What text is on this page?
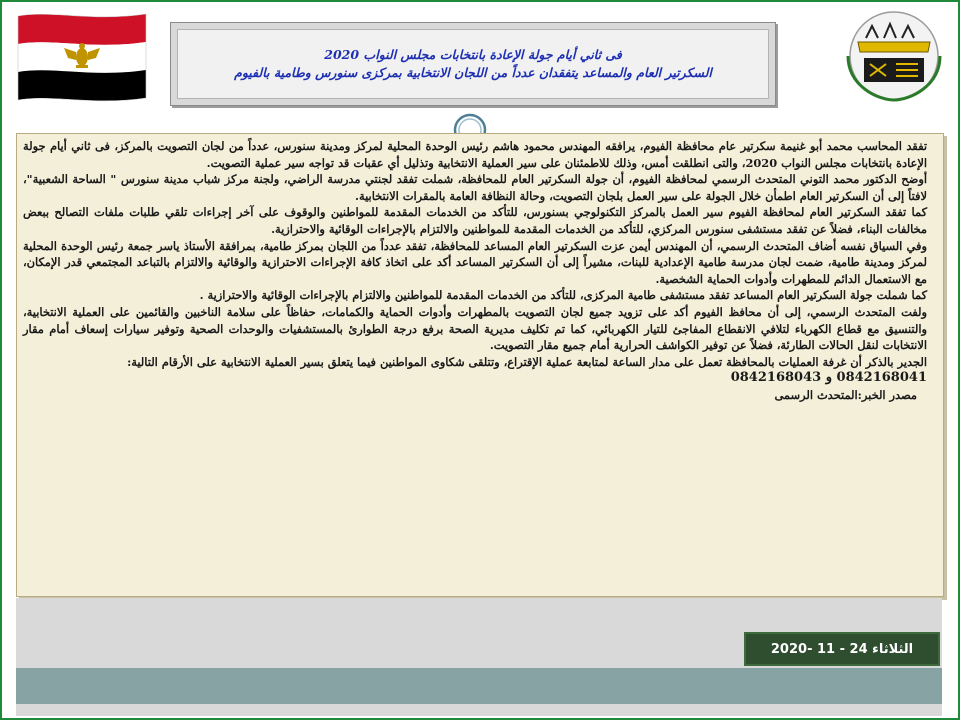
فى ثاني أيام جولة الإعادة بانتخابات مجلس النواب 2020
السكرتير العام والمساعد يتفقدان عدداً من اللجان الانتخابية بمركزى سنورس وطامية بالفيوم

تفقد المحاسب محمد أبو غنيمة سكرتير عام محافظة الفيوم، يرافقه المهندس محمود هاشم رئيس الوحدة المحلية لمركز ومدينة سنورس، عدداً من لجان التصويت بالمركز، فى ثاني أيام جولة الإعادة بانتخابات مجلس النواب 2020، والتى انطلقت أمس، وذلك للاطمئنان على سير العملية الانتخابية وتذليل أي عقبات قد تواجه سير عملية التصويت.

أوضح الدكتور محمد التوني المتحدث الرسمي لمحافظة الفيوم، أن جولة السكرتير العام للمحافظة، شملت تفقد لجنتي مدرسة الراضي، ولجنة مركز شباب مدينة سنورس " الساحة الشعبية"، لافتاً إلى أن السكرتير العام اطمأن خلال الجولة على سير العمل بلجان التصويت، وحالة النظافة العامة بالمقرات الانتخابية.

كما تفقد السكرتير العام لمحافظة الفيوم سير العمل بالمركز التكنولوجي بسنورس، للتأكد من الخدمات المقدمة للمواطنين والوقوف على آخر إجراءات تلقي طلبات ملفات التصالح ببعض مخالفات البناء، فضلاً عن تفقد مستشفى سنورس المركزي، للتأكد من الخدمات المقدمة للمواطنين والالتزام بالإجراءات الوقائية والاحترازية.

وفي السياق نفسه أضاف المتحدث الرسمي، أن المهندس أيمن عزت السكرتير العام المساعد للمحافظة، تفقد عدداً من اللجان بمركز طامية، بمرافقة الأستاذ ياسر جمعة رئيس الوحدة المحلية لمركز ومدينة طامية، ضمت لجان مدرسة طامية الإعدادية للبنات، مشيراً إلى أن السكرتير المساعد أكد على اتخاذ كافة الإجراءات الاحترازية والوقائية والالتزام بالتباعد المجتمعي قدر الإمكان، مع الاستعمال الدائم للمطهرات وأدوات الحماية الشخصية.

كما شملت جولة السكرتير العام المساعد تفقد مستشفى طامية المركزى، للتأكد من الخدمات المقدمة للمواطنين والالتزام بالإجراءات الوقائية والاحترازية .

ولفت المتحدث الرسمي، إلى أن محافظ الفيوم أكد على تزويد جميع لجان التصويت بالمطهرات وأدوات الحماية والكمامات، حفاظاً على سلامة الناخبين والقائمين على العملية الانتخابية، والتنسيق مع قطاع الكهرباء لتلافي الانقطاع المفاجئ للتيار الكهربائي، كما تم تكليف مديرية الصحة برفع درجة الطوارئ بالمستشفيات والوحدات الصحية وتوفير سيارات إسعاف أمام مقار الانتخابات لنقل الحالات الطارئة، فضلاً عن توفير الكواشف الحرارية أمام جميع مقار التصويت.

الجدير بالذكر أن غرفة العمليات بالمحافظة تعمل على مدار الساعة لمتابعة عملية الإقتراع، وتتلقى شكاوى المواطنين فيما يتعلق بسير العملية الانتخابية على الأرقام التالية:

0842168041 و 0842168043

مصدر الخبر:المتحدث الرسمى

الثلاثاء 24 - 11 -2020
